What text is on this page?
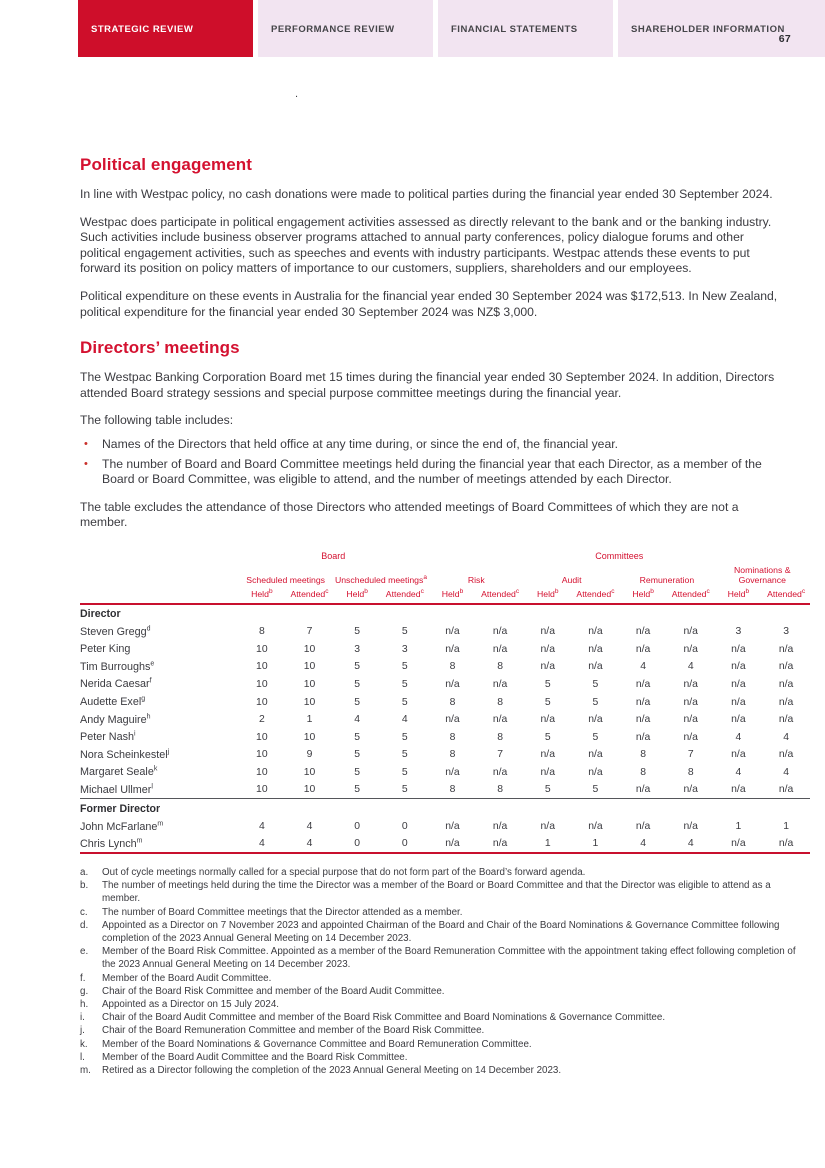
STRATEGIC REVIEW	PERFORMANCE REVIEW	FINANCIAL STATEMENTS	SHAREHOLDER INFORMATION
67
.
Political engagement

In line with Westpac policy, no cash donations were made to political parties during the financial year ended 30 September 2024.

Westpac does participate in political engagement activities assessed as directly relevant to the bank and or the banking industry. Such activities include business observer programs attached to annual party conferences, policy dialogue forums and other political engagement activities, such as speeches and events with industry participants. Westpac attends these events to put forward its position on policy matters of importance to our customers, suppliers, shareholders and our employees.

Political expenditure on these events in Australia for the financial year ended 30 September 2024 was $172,513. In New Zealand, political expenditure for the financial year ended 30 September 2024 was NZ$ 3,000.

Directors’ meetings

The Westpac Banking Corporation Board met 15 times during the financial year ended 30 September 2024. In addition, Directors attended Board strategy sessions and special purpose committee meetings during the financial year.

The following table includes:

•	Names of the Directors that held office at any time during, or since the end of, the financial year.
•	The number of Board and Board Committee meetings held during the financial year that each Director, as a member of the Board or Board Committee, was eligible to attend, and the number of meetings attended by each Director.

The table excludes the attendance of those Directors who attended meetings of Board Committees of which they are not a member.

	Board				Committees							
	Scheduled meetings		Unscheduled meetings$^a$		Risk		Audit		Remuneration		Nominations & Governance	
	Held$^b$	Attended$^c$	Held$^b$	Attended$^c$	Held$^b$	Attended$^c$	Held$^b$	Attended$^c$	Held$^b$	Attended$^c$	Held$^b$	Attended$^c$
Director												
Steven Gregg$^d$	8	7	5	5	n/a	n/a	n/a	n/a	n/a	n/a	3	3
Peter King	10	10	3	3	n/a	n/a	n/a	n/a	n/a	n/a	n/a	n/a
Tim Burroughs$^e$	10	10	5	5	8	8	n/a	n/a	4	4	n/a	n/a
Nerida Caesar$^f$	10	10	5	5	n/a	n/a	5	5	n/a	n/a	n/a	n/a
Audette Exel$^g$	10	10	5	5	8	8	5	5	n/a	n/a	n/a	n/a
Andy Maguire$^h$	2	1	4	4	n/a	n/a	n/a	n/a	n/a	n/a	n/a	n/a
Peter Nash$^i$	10	10	5	5	8	8	5	5	n/a	n/a	4	4
Nora Scheinkestel$^j$	10	9	5	5	8	7	n/a	n/a	8	7	n/a	n/a
Margaret Seale$^k$	10	10	5	5	n/a	n/a	n/a	n/a	8	8	4	4
Michael Ullmer$^l$	10	10	5	5	8	8	5	5	n/a	n/a	n/a	n/a
Former Director												
John McFarlane$^m$	4	4	0	0	n/a	n/a	n/a	n/a	n/a	n/a	1	1
Chris Lynch$^m$	4	4	0	0	n/a	n/a	1	1	4	4	n/a	n/a
a.	Out of cycle meetings normally called for a special purpose that do not form part of the Board’s forward agenda.
b.	The number of meetings held during the time the Director was a member of the Board or Board Committee and that the Director was eligible to attend as a member.
c.	The number of Board Committee meetings that the Director attended as a member.
d.	Appointed as a Director on 7 November 2023 and appointed Chairman of the Board and Chair of the Board Nominations & Governance Committee following completion of the 2023 Annual General Meeting on 14 December 2023.
e.	Member of the Board Risk Committee. Appointed as a member of the Board Remuneration Committee with the appointment taking effect following completion of the 2023 Annual General Meeting on 14 December 2023.
f.	Member of the Board Audit Committee.
g.	Chair of the Board Risk Committee and member of the Board Audit Committee.
h.	Appointed as a Director on 15 July 2024.
i.	Chair of the Board Audit Committee and member of the Board Risk Committee and Board Nominations & Governance Committee.
j.	Chair of the Board Remuneration Committee and member of the Board Risk Committee.
k.	Member of the Board Nominations & Governance Committee and Board Remuneration Committee.
l.	Member of the Board Audit Committee and the Board Risk Committee.
m.	Retired as a Director following the completion of the 2023 Annual General Meeting on 14 December 2023.
